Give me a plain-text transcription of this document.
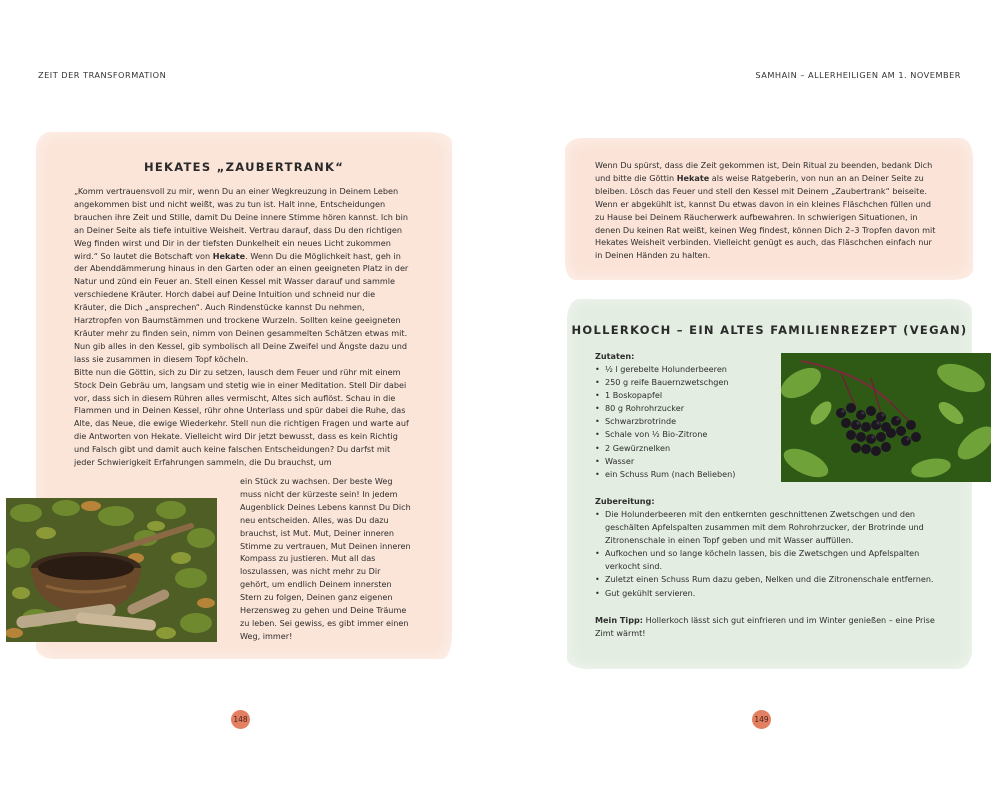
ZEIT DER TRANSFORMATION	SAMHAIN – ALLERHEILIGEN AM 1. NOVEMBER
HEKATES „ZAUBERTRANK“

„Komm vertrauensvoll zu mir, wenn Du an einer Wegkreuzung in Deinem Leben angekommen bist und nicht weißt, was zu tun ist. Halt inne, Entscheidungen brauchen ihre Zeit und Stille, damit Du Deine innere Stimme hören kannst. Ich bin an Deiner Seite als tiefe intuitive Weisheit. Vertrau darauf, dass Du den richtigen Weg finden wirst und Dir in der tiefsten Dunkelheit ein neues Licht zukommen wird.“ So lautet die Botschaft von Hekate. Wenn Du die Möglichkeit hast, geh in der Abenddämmerung hinaus in den Garten oder an einen geeigneten Platz in der Natur und zünd ein Feuer an. Stell einen Kessel mit Wasser darauf und sammle verschiedene Kräuter. Horch dabei auf Deine Intuition und schneid nur die Kräuter, die Dich „ansprechen“. Auch Rindenstücke kannst Du nehmen, Harztropfen von Baumstämmen und trockene Wurzeln. Sollten keine geeigneten Kräuter mehr zu finden sein, nimm von Deinen gesammelten Schätzen etwas mit. Nun gib alles in den Kessel, gib symbolisch all Deine Zweifel und Ängste dazu und lass sie zusammen in diesem Topf köcheln.

Bitte nun die Göttin, sich zu Dir zu setzen, lausch dem Feuer und rühr mit einem Stock Dein Gebräu um, langsam und stetig wie in einer Meditation. Stell Dir dabei vor, dass sich in diesem Rühren alles vermischt, Altes sich auflöst. Schau in die Flammen und in Deinen Kessel, rühr ohne Unterlass und spür dabei die Ruhe, das Alte, das Neue, die ewige Wiederkehr. Stell nun die richtigen Fragen und warte auf die Antworten von Hekate. Vielleicht wird Dir jetzt bewusst, dass es kein Richtig und Falsch gibt und damit auch keine falschen Entscheidungen? Du darfst mit jeder Schwierigkeit Erfahrungen sammeln, die Du brauchst, um

ein Stück zu wachsen. Der beste Weg muss nicht der kürzeste sein! In jedem Augenblick Deines Lebens kannst Du Dich neu entscheiden. Alles, was Du dazu brauchst, ist Mut. Mut, Deiner inneren Stimme zu vertrauen, Mut Deinen inneren Kompass zu justieren. Mut all das loszulassen, was nicht mehr zu Dir gehört, um endlich Deinem innersten Stern zu folgen, Deinen ganz eigenen Herzensweg zu gehen und Deine Träume zu leben. Sei gewiss, es gibt immer einen Weg, immer!

148

Wenn Du spürst, dass die Zeit gekommen ist, Dein Ritual zu beenden, bedank Dich und bitte die Göttin Hekate als weise Ratgeberin, von nun an an Deiner Seite zu bleiben. Lösch das Feuer und stell den Kessel mit Deinem „Zaubertrank“ beiseite. Wenn er abgekühlt ist, kannst Du etwas davon in ein kleines Fläschchen füllen und zu Hause bei Deinem Räucherwerk aufbewahren. In schwierigen Situationen, in denen Du keinen Rat weißt, keinen Weg findest, können Dich 2–3 Tropfen davon mit Hekates Weisheit verbinden. Vielleicht genügt es auch, das Fläschchen einfach nur in Deinen Händen zu halten.

HOLLERKOCH – EIN ALTES FAMILIENREZEPT (VEGAN)
Zutaten:
• ½ l gerebelte Holunderbeeren
• 250 g reife Bauernzwetschgen
• 1 Boskopapfel
• 80 g Rohrohrzucker
• Schwarzbrotrinde
• Schale von ½ Bio-Zitrone
• 2 Gewürznelken
• Wasser
• ein Schuss Rum (nach Belieben)
Zubereitung:
• Die Holunderbeeren mit den entkernten geschnittenen Zwetschgen und den geschälten Apfelspalten zusammen mit dem Rohrohrzucker, der Brotrinde und Zitronenschale in einen Topf geben und mit Wasser auffüllen.
• Aufkochen und so lange köcheln lassen, bis die Zwetschgen und Apfelspalten verkocht sind.
• Zuletzt einen Schuss Rum dazu geben, Nelken und die Zitronenschale entfernen.
• Gut gekühlt servieren.
Mein Tipp: Hollerkoch lässt sich gut einfrieren und im Winter genießen – eine Prise Zimt wärmt!
149
